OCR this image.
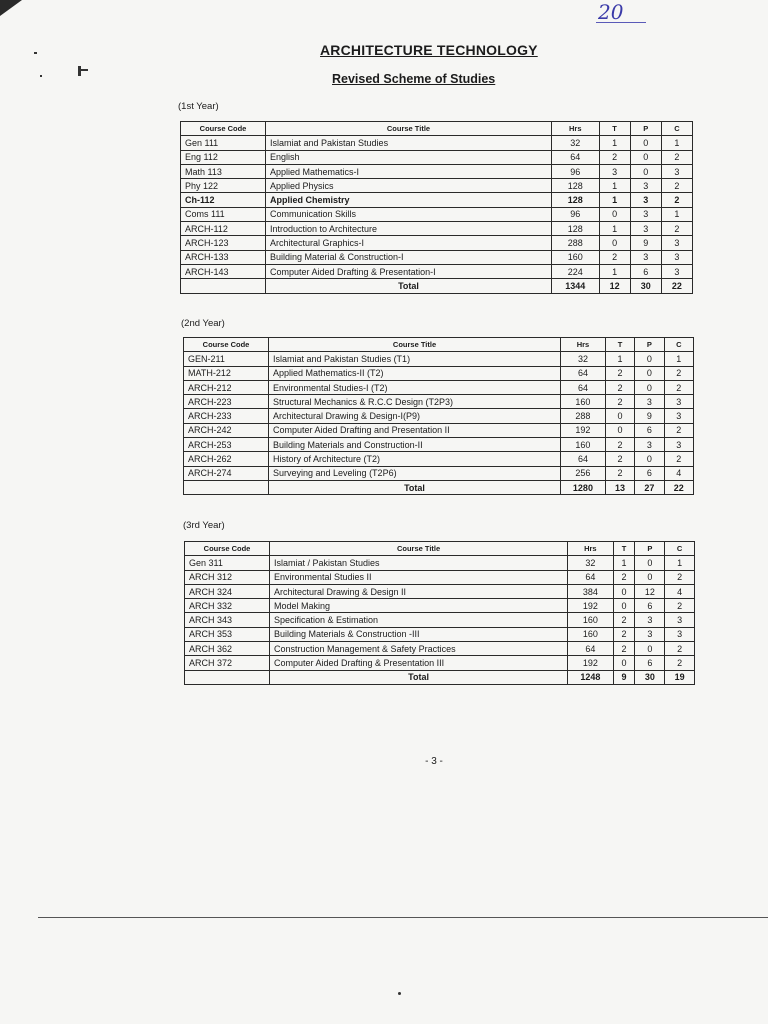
20
ARCHITECTURE TECHNOLOGY
Revised Scheme of Studies
(1st Year)
Course Code	Course Title	Hrs	T	P	C
Gen 111	Islamiat and Pakistan Studies	32	1	0	1
Eng 112	English	64	2	0	2
Math 113	Applied Mathematics-I	96	3	0	3
Phy 122	Applied Physics	128	1	3	2
Ch-112	Applied Chemistry	128	1	3	2
Coms 111	Communication Skills	96	0	3	1
ARCH-112	Introduction to Architecture	128	1	3	2
ARCH-123	Architectural Graphics-I	288	0	9	3
ARCH-133	Building Material & Construction-I	160	2	3	3
ARCH-143	Computer Aided Drafting & Presentation-I	224	1	6	3
	Total	1344	12	30	22
(2nd Year)
Course Code	Course Title	Hrs	T	P	C
GEN-211	Islamiat and Pakistan Studies (T1)	32	1	0	1
MATH-212	Applied Mathematics-II (T2)	64	2	0	2
ARCH-212	Environmental Studies-I (T2)	64	2	0	2
ARCH-223	Structural Mechanics & R.C.C Design (T2P3)	160	2	3	3
ARCH-233	Architectural Drawing & Design-I(P9)	288	0	9	3
ARCH-242	Computer Aided Drafting and Presentation II	192	0	6	2
ARCH-253	Building Materials and Construction-II	160	2	3	3
ARCH-262	History of Architecture (T2)	64	2	0	2
ARCH-274	Surveying and Leveling (T2P6)	256	2	6	4
	Total	1280	13	27	22
(3rd Year)
Course Code	Course Title	Hrs	T	P	C
Gen 311	Islamiat / Pakistan Studies	32	1	0	1
ARCH 312	Environmental Studies II	64	2	0	2
ARCH 324	Architectural Drawing & Design II	384	0	12	4
ARCH 332	Model Making	192	0	6	2
ARCH 343	Specification & Estimation	160	2	3	3
ARCH 353	Building Materials & Construction -III	160	2	3	3
ARCH 362	Construction Management & Safety Practices	64	2	0	2
ARCH 372	Computer Aided Drafting & Presentation III	192	0	6	2
	Total	1248	9	30	19
- 3 -
